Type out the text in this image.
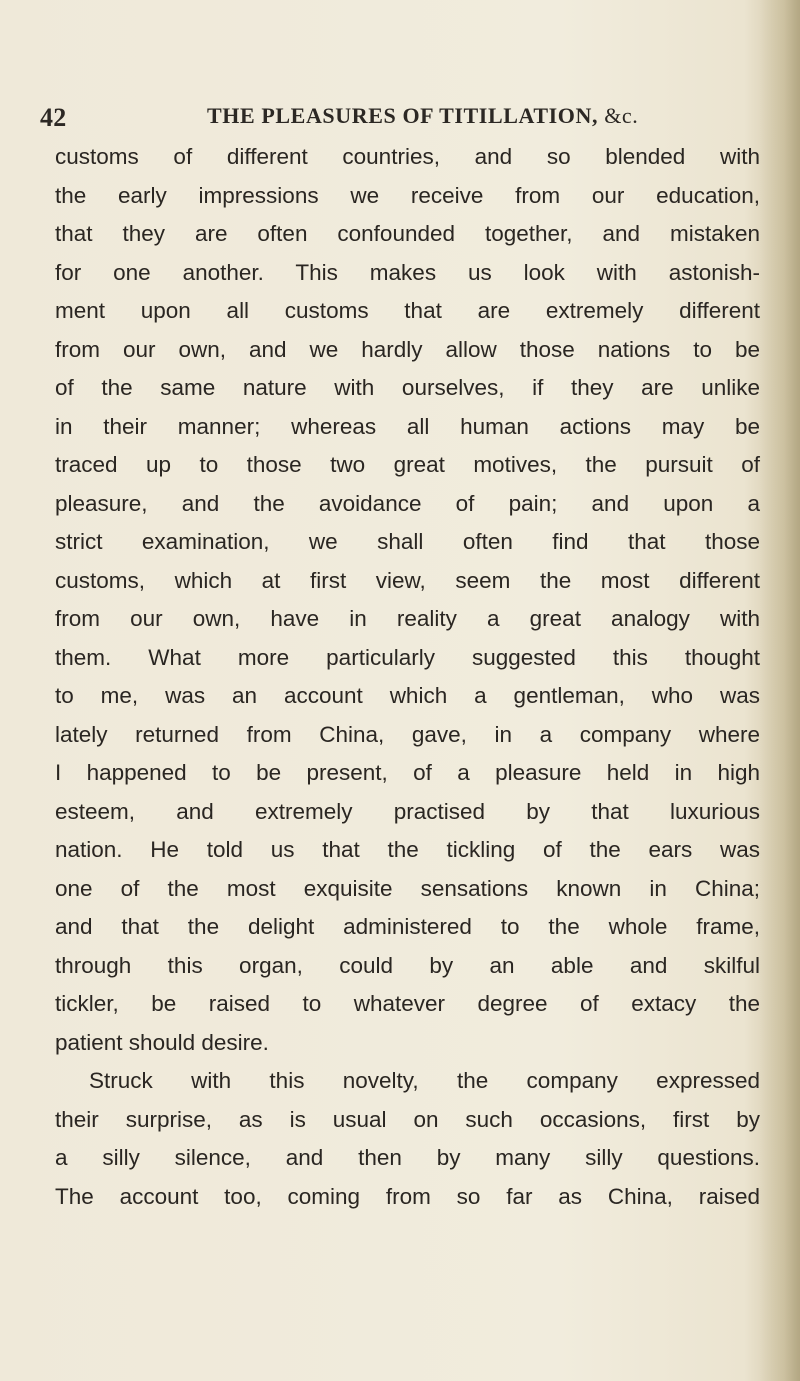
42	THE PLEASURES OF TITILLATION, &c.
customs of different countries, and so blended with
the early impressions we receive from our education,
that they are often confounded together, and mistaken
for one another. This makes us look with astonish-
ment upon all customs that are extremely different
from our own, and we hardly allow those nations to be
of the same nature with ourselves, if they are unlike
in their manner; whereas all human actions may be
traced up to those two great motives, the pursuit of
pleasure, and the avoidance of pain; and upon a
strict examination, we shall often find that those
customs, which at first view, seem the most different
from our own, have in reality a great analogy with
them. What more particularly suggested this thought
to me, was an account which a gentleman, who was
lately returned from China, gave, in a company where
I happened to be present, of a pleasure held in high
esteem, and extremely practised by that luxurious
nation. He told us that the tickling of the ears was
one of the most exquisite sensations known in China;
and that the delight administered to the whole frame,
through this organ, could by an able and skilful
tickler, be raised to whatever degree of extacy the
patient should desire.
Struck with this novelty, the company expressed
their surprise, as is usual on such occasions, first by
a silly silence, and then by many silly questions.
The account too, coming from so far as China, raised
